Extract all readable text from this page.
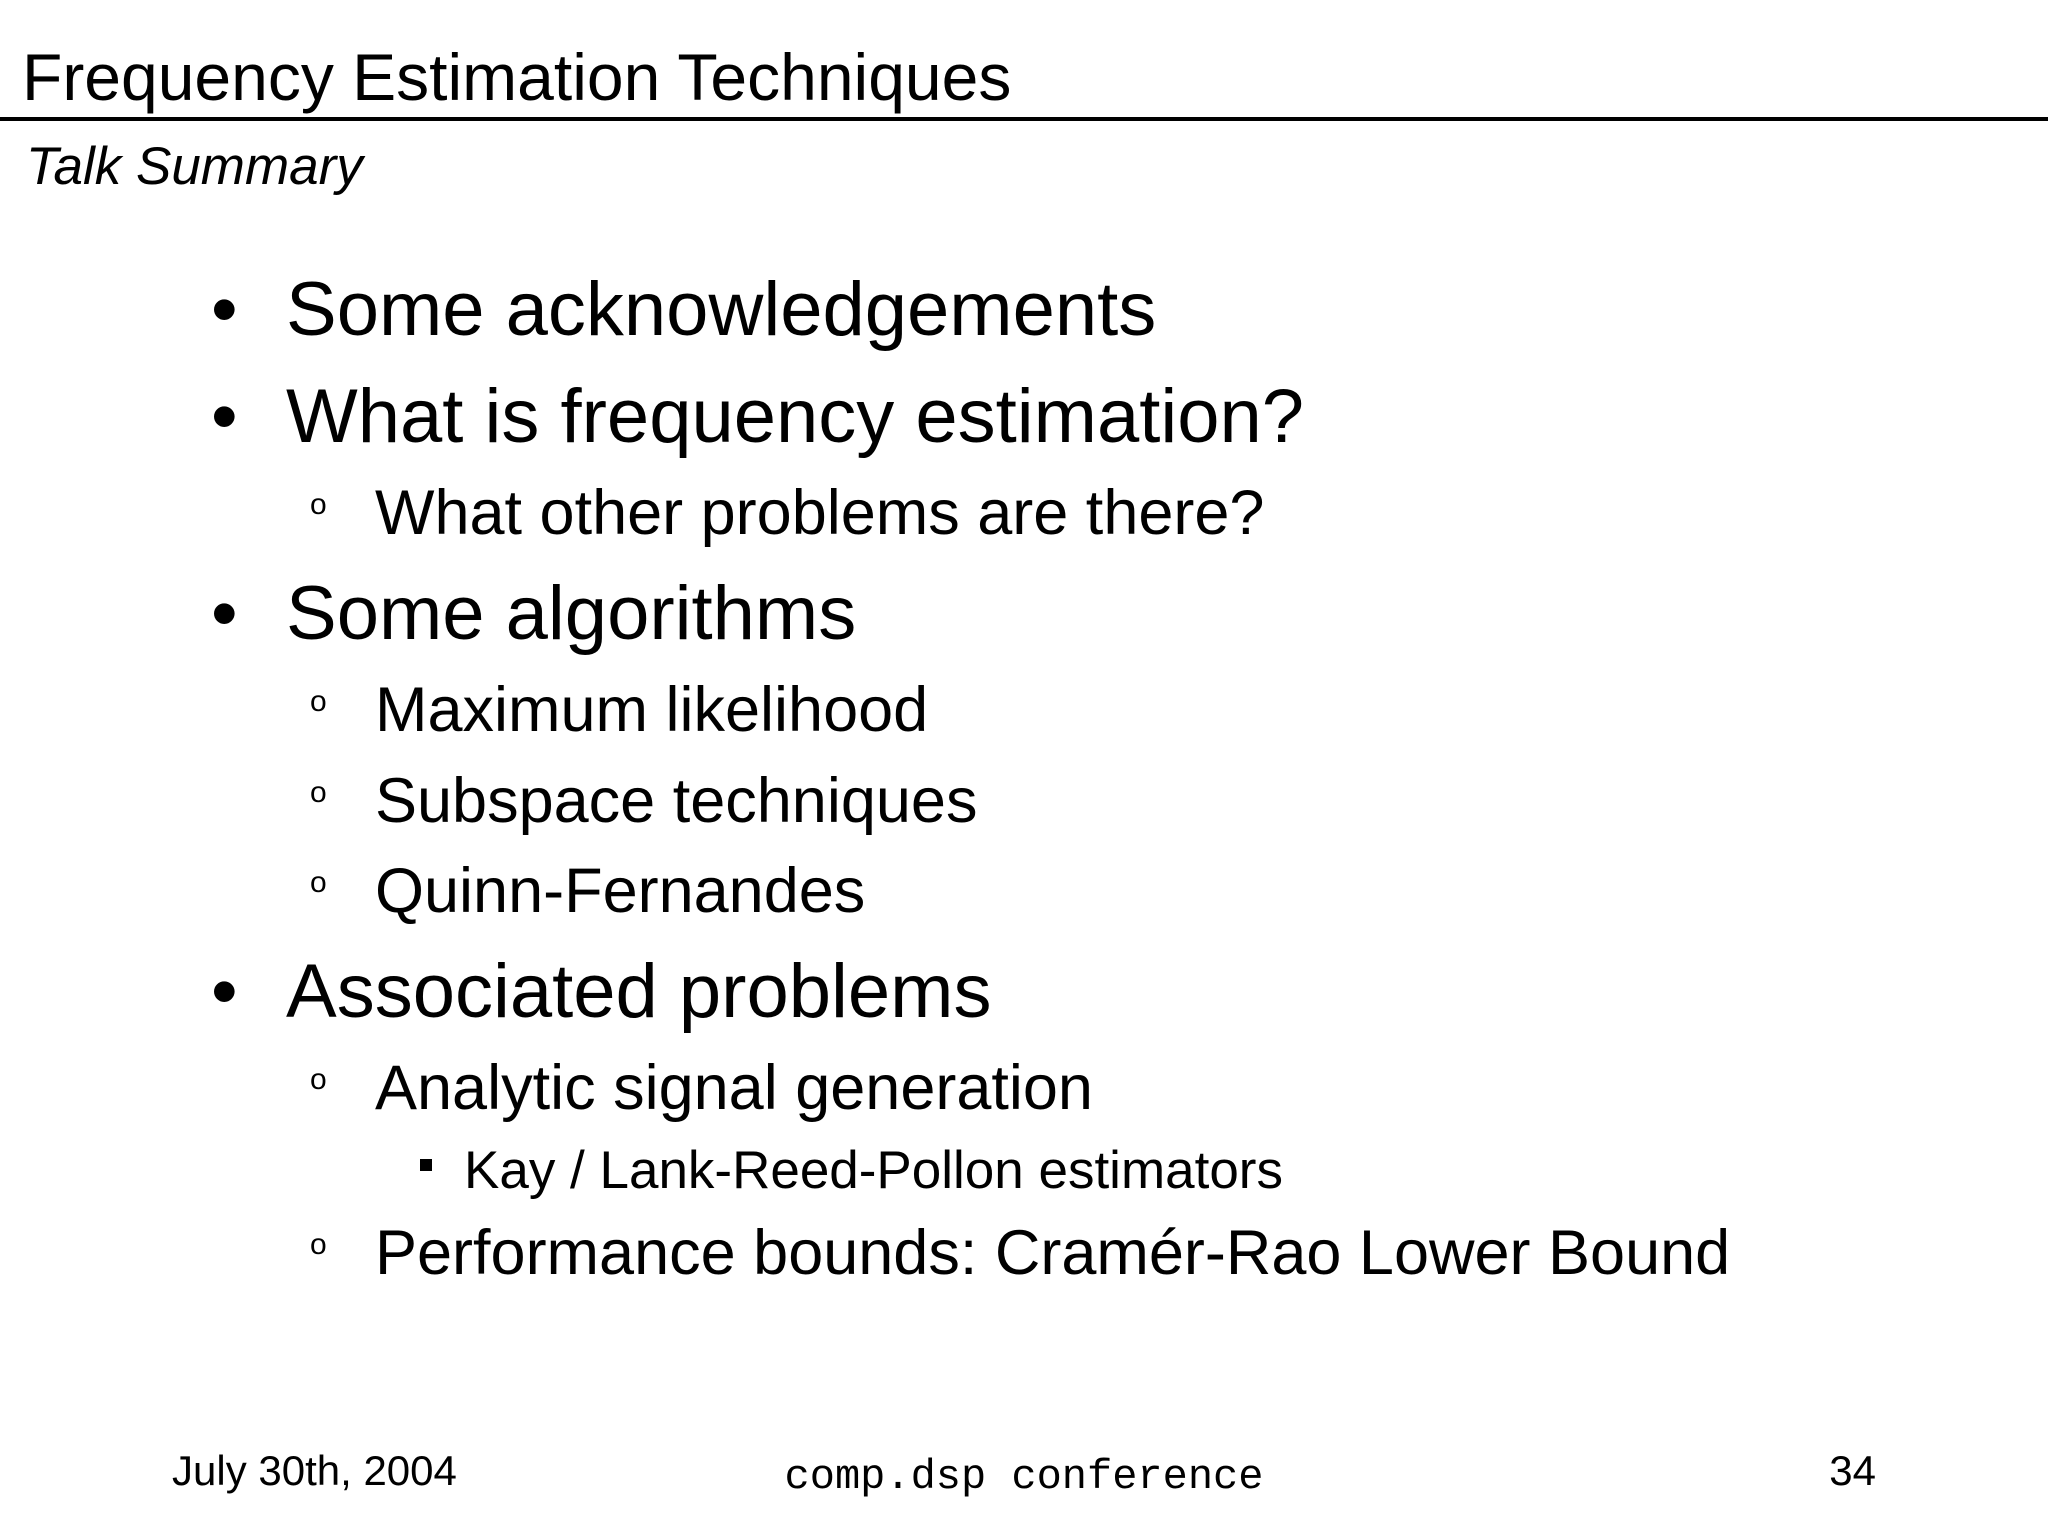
Frequency Estimation Techniques
Talk Summary
• Some acknowledgements
• What is frequency estimation?
o What other problems are there?
• Some algorithms
o Maximum likelihood
o Subspace techniques
o Quinn-Fernandes
• Associated problems
o Analytic signal generation
Kay / Lank-Reed-Pollon estimators
o Performance bounds: Cramér-Rao Lower Bound
July 30th, 2004	comp.dsp conference	34
